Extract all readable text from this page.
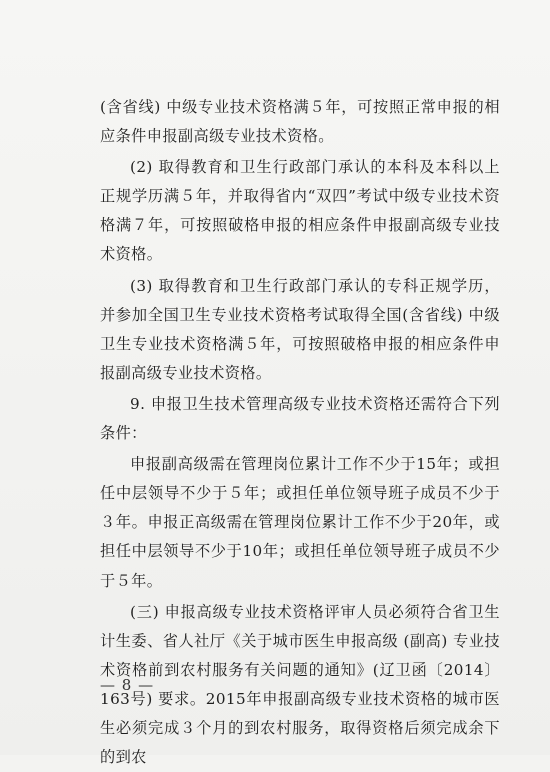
(含省线) 中级专业技术资格满５年，可按照正常申报的相应条件申报副高级专业技术资格。

(2) 取得教育和卫生行政部门承认的本科及本科以上正规学历满５年，并取得省内“双四”考试中级专业技术资格满７年，可按照破格申报的相应条件申报副高级专业技术资格。

(3) 取得教育和卫生行政部门承认的专科正规学历，并参加全国卫生专业技术资格考试取得全国(含省线) 中级卫生专业技术资格满５年，可按照破格申报的相应条件申报副高级专业技术资格。

9. 申报卫生技术管理高级专业技术资格还需符合下列条件：

申报副高级需在管理岗位累计工作不少于15年；或担任中层领导不少于５年；或担任单位领导班子成员不少于３年。申报正高级需在管理岗位累计工作不少于20年，或担任中层领导不少于10年；或担任单位领导班子成员不少于５年。

(三) 申报高级专业技术资格评审人员必须符合省卫生计生委、省人社厅《关于城市医生申报高级 (副高) 专业技术资格前到农村服务有关问题的通知》(辽卫函〔2014〕163号) 要求。2015年申报副高级专业技术资格的城市医生必须完成３个月的到农村服务，取得资格后须完成余下的到农

— 8 —
